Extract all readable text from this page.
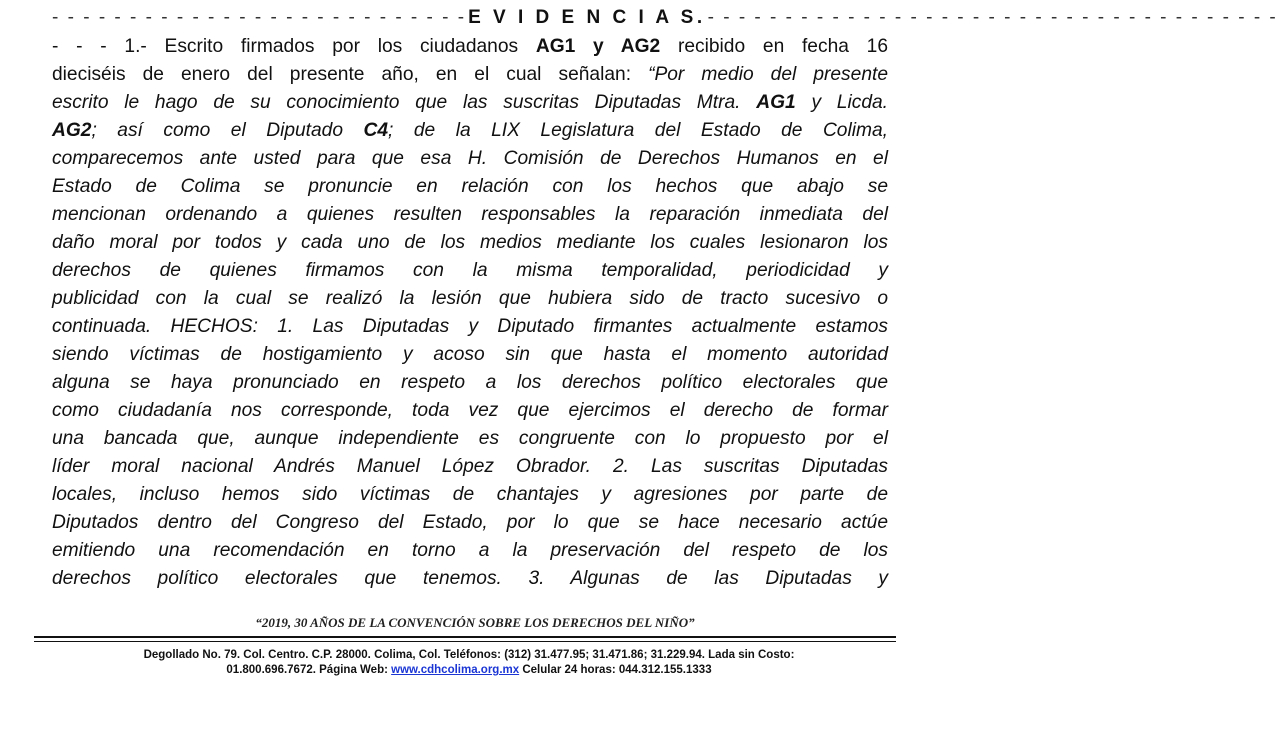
- - - - - - - - - - - - - - - - - - - - - - - - - - - E V I D E N C I A S. - - - - - - - - - - - - - - - - - - - - - - - - - - - - - - - - - - - - -
- - - 1.- Escrito firmados por los ciudadanos AG1 y AG2 recibido en fecha 16
dieciséis de enero del presente año, en el cual señalan: “Por medio del presente
escrito le hago de su conocimiento que las suscritas Diputadas Mtra. AG1 y Licda.
AG2; así como el Diputado C4; de la LIX Legislatura del Estado de Colima,
comparecemos ante usted para que esa H. Comisión de Derechos Humanos en el
Estado de Colima se pronuncie en relación con los hechos que abajo se
mencionan ordenando a quienes resulten responsables la reparación inmediata del
daño moral por todos y cada uno de los medios mediante los cuales lesionaron los
derechos de quienes firmamos con la misma temporalidad, periodicidad y
publicidad con la cual se realizó la lesión que hubiera sido de tracto sucesivo o
continuada. HECHOS: 1. Las Diputadas y Diputado firmantes actualmente estamos
siendo víctimas de hostigamiento y acoso sin que hasta el momento autoridad
alguna se haya pronunciado en respeto a los derechos político electorales que
como ciudadanía nos corresponde, toda vez que ejercimos el derecho de formar
una bancada que, aunque independiente es congruente con lo propuesto por el
líder moral nacional Andrés Manuel López Obrador. 2. Las suscritas Diputadas
locales, incluso hemos sido víctimas de chantajes y agresiones por parte de
Diputados dentro del Congreso del Estado, por lo que se hace necesario actúe
emitiendo una recomendación en torno a la preservación del respeto de los
derechos político electorales que tenemos. 3. Algunas de las Diputadas y
“2019, 30 AÑOS DE LA CONVENCIÓN SOBRE LOS DERECHOS DEL NIÑO”
Degollado No. 79. Col. Centro. C.P. 28000. Colima, Col. Teléfonos: (312) 31.477.95; 31.471.86; 31.229.94. Lada sin Costo:
01.800.696.7672. Página Web: www.cdhcolima.org.mx Celular 24 horas: 044.312.155.1333
